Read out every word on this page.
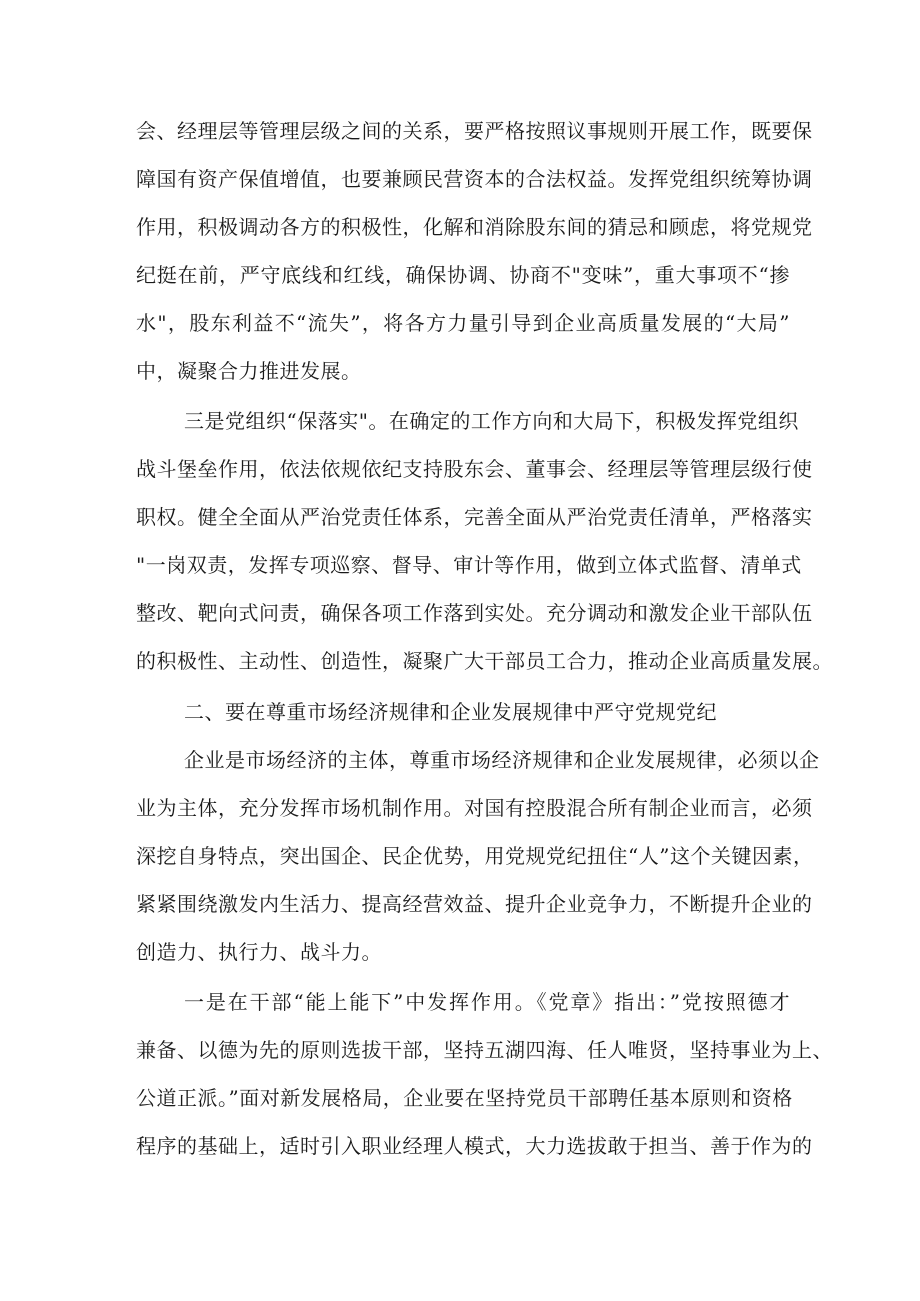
会、经理层等管理层级之间的关系，要严格按照议事规则开展工作，既要保
障国有资产保值增值，也要兼顾民营资本的合法权益。发挥党组织统筹协调
作用，积极调动各方的积极性，化解和消除股东间的猜忌和顾虑，将党规党
纪挺在前，严守底线和红线，确保协调、协商不"变味”，重大事项不“掺
水"，股东利益不“流失”，将各方力量引导到企业高质量发展的“大局”
中，凝聚合力推进发展。
三是党组织“保落实"。在确定的工作方向和大局下，积极发挥党组织
战斗堡垒作用，依法依规依纪支持股东会、董事会、经理层等管理层级行使
职权。健全全面从严治党责任体系，完善全面从严治党责任清单，严格落实
"一岗双责，发挥专项巡察、督导、审计等作用，做到立体式监督、清单式
整改、靶向式问责，确保各项工作落到实处。充分调动和激发企业干部队伍
的积极性、主动性、创造性，凝聚广大干部员工合力，推动企业高质量发展。
二、要在尊重市场经济规律和企业发展规律中严守党规党纪
企业是市场经济的主体，尊重市场经济规律和企业发展规律，必须以企
业为主体，充分发挥市场机制作用。对国有控股混合所有制企业而言，必须
深挖自身特点，突出国企、民企优势，用党规党纪扭住“人”这个关键因素，
紧紧围绕激发内生活力、提高经营效益、提升企业竞争力，不断提升企业的
创造力、执行力、战斗力。
一是在干部“能上能下”中发挥作用。《党章》指出：”党按照德才
兼备、以德为先的原则选拔干部，坚持五湖四海、任人唯贤，坚持事业为上、
公道正派。”面对新发展格局，企业要在坚持党员干部聘任基本原则和资格
程序的基础上，适时引入职业经理人模式，大力选拔敢于担当、善于作为的
